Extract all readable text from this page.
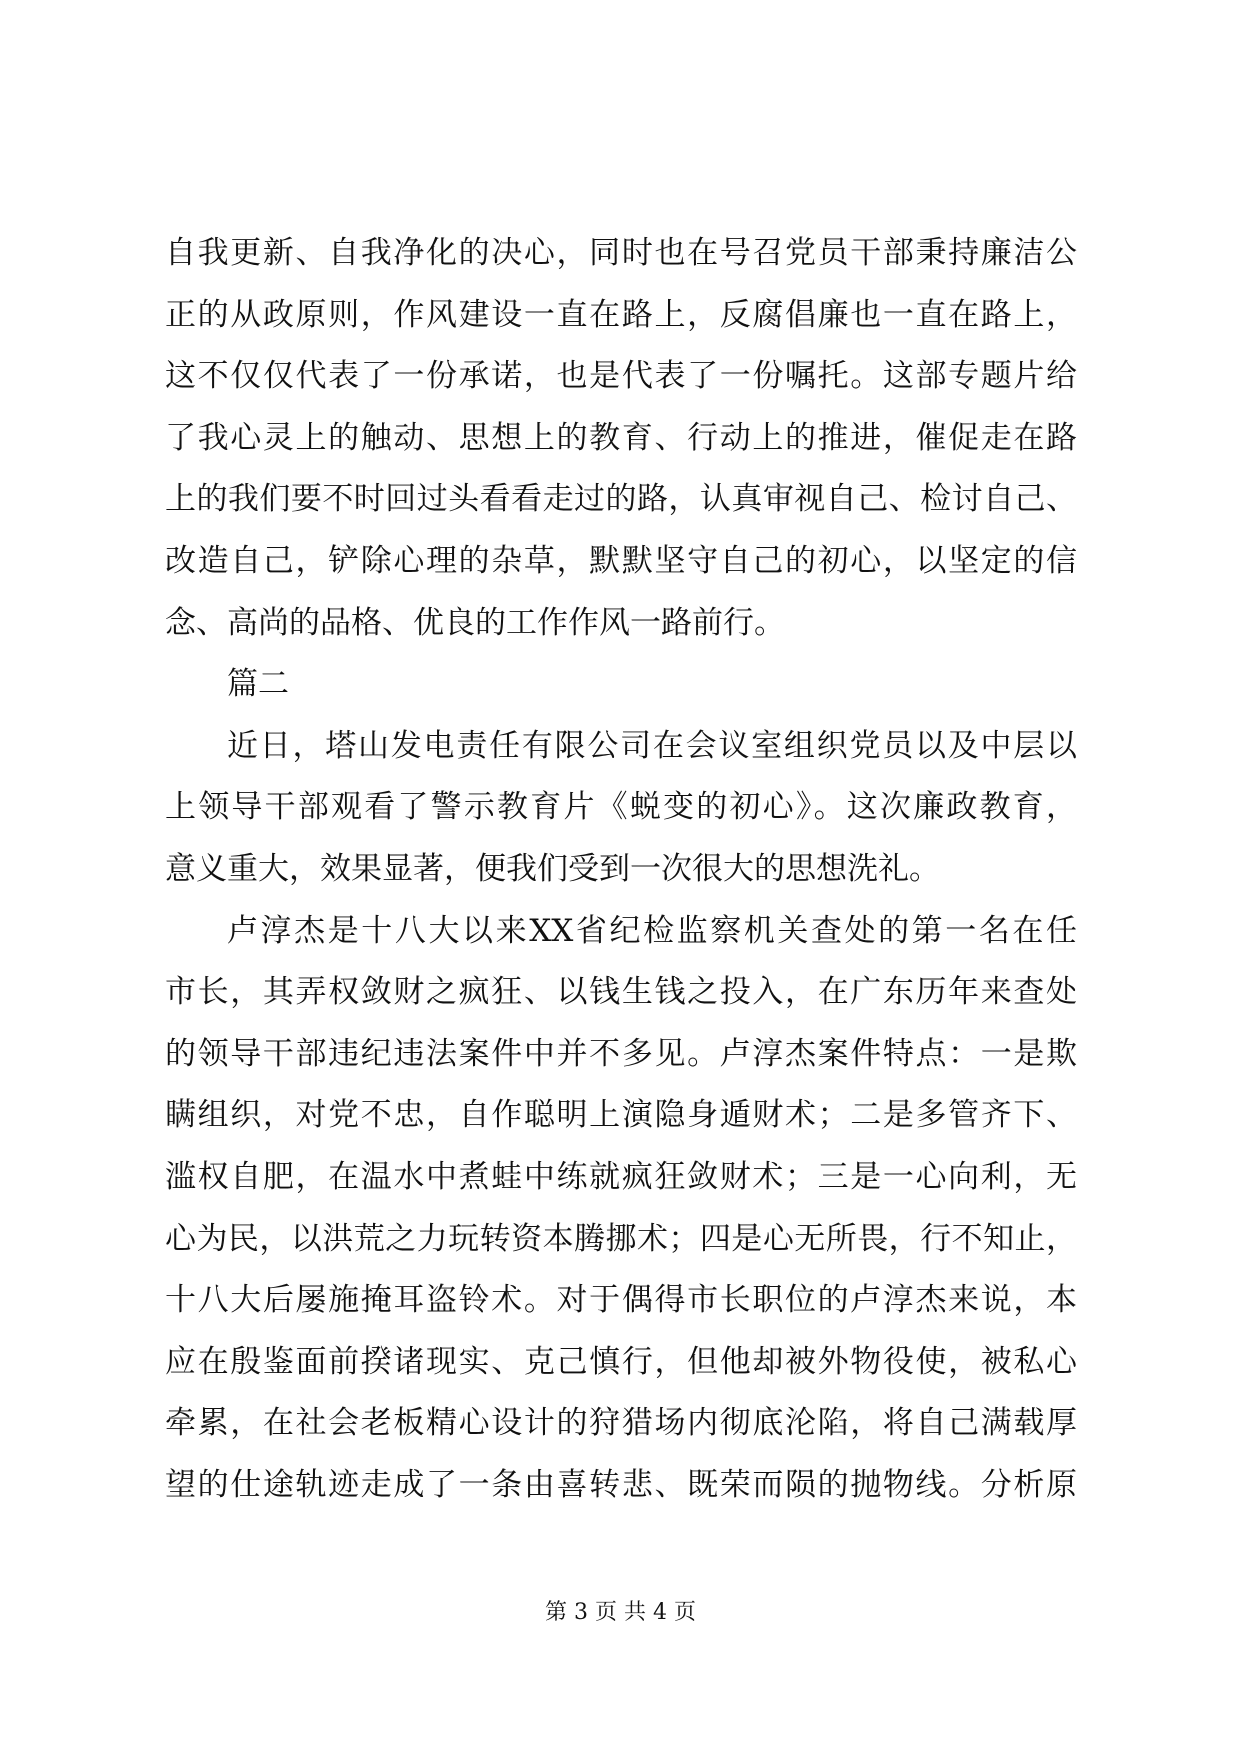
自我更新、自我净化的决心，同时也在号召党员干部秉持廉洁公
正的从政原则，作风建设一直在路上，反腐倡廉也一直在路上，
这不仅仅代表了一份承诺，也是代表了一份嘱托。这部专题片给
了我心灵上的触动、思想上的教育、行动上的推进，催促走在路
上的我们要不时回过头看看走过的路，认真审视自己、检讨自己、
改造自己，铲除心理的杂草，默默坚守自己的初心，以坚定的信
念、高尚的品格、优良的工作作风一路前行。
篇二
近日，塔山发电责任有限公司在会议室组织党员以及中层以
上领导干部观看了警示教育片《蜕变的初心》。这次廉政教育，
意义重大，效果显著，便我们受到一次很大的思想洗礼。
卢淳杰是十八大以来XX省纪检监察机关查处的第一名在任
市长，其弄权敛财之疯狂、以钱生钱之投入，在广东历年来查处
的领导干部违纪违法案件中并不多见。卢淳杰案件特点：一是欺
瞒组织，对党不忠，自作聪明上演隐身遁财术；二是多管齐下、
滥权自肥，在温水中煮蛙中练就疯狂敛财术；三是一心向利，无
心为民，以洪荒之力玩转资本腾挪术；四是心无所畏，行不知止，
十八大后屡施掩耳盗铃术。对于偶得市长职位的卢淳杰来说，本
应在殷鉴面前揆诸现实、克己慎行，但他却被外物役使，被私心
牵累，在社会老板精心设计的狩猎场内彻底沦陷，将自己满载厚
望的仕途轨迹走成了一条由喜转悲、既荣而陨的抛物线。分析原
第 3 页 共 4 页
